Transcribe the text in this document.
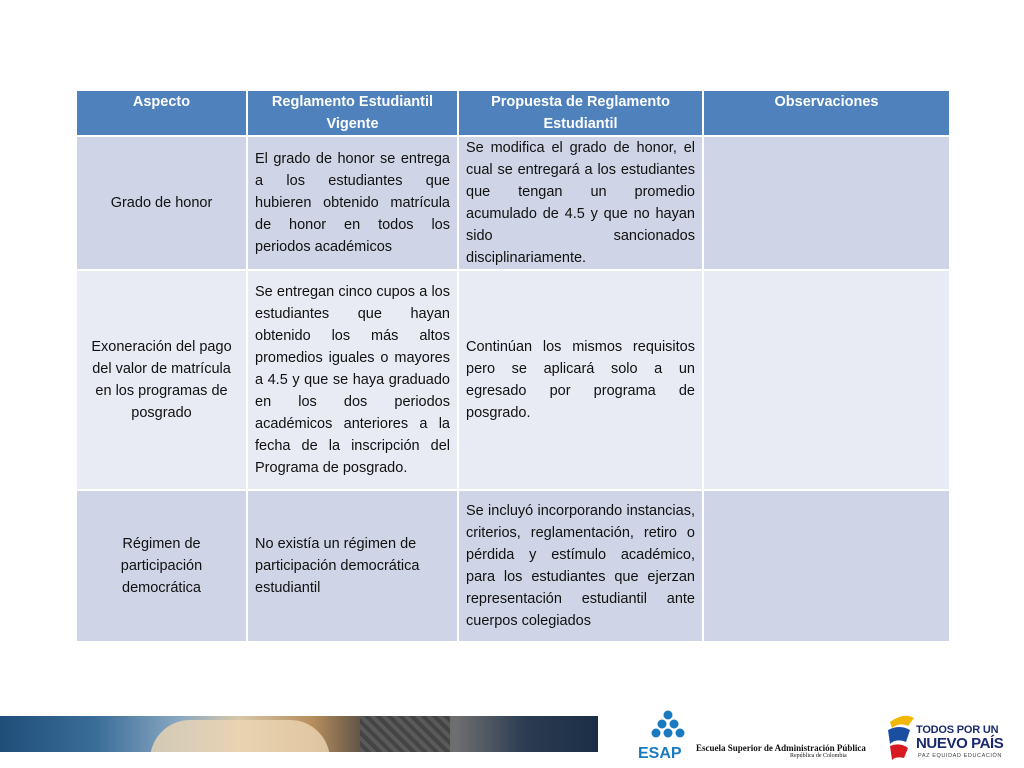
Aspecto	Reglamento Estudiantil Vigente	Propuesta de Reglamento Estudiantil	Observaciones
Grado de honor	El grado de honor se entrega a los estudiantes que hubieren obtenido matrícula de honor en todos los periodos académicos	Se modifica el grado de honor, el cual se entregará a los estudiantes que tengan un promedio acumulado de 4.5 y que no hayan sido sancionados disciplinariamente.	
Exoneración del pago del valor de matrícula en los programas de posgrado	Se entregan cinco cupos a los estudiantes que hayan obtenido los más altos promedios iguales o mayores a 4.5 y que se haya graduado en los dos periodos académicos anteriores a la fecha de la inscripción del Programa de posgrado.	Continúan los mismos requisitos pero se aplicará solo a un egresado por programa de posgrado.	
Régimen de participación democrática	No existía un régimen de participación democrática estudiantil	Se incluyó incorporando instancias, criterios, reglamentación, retiro o pérdida y estímulo académico, para los estudiantes que ejerzan representación estudiantil ante cuerpos colegiados	
ESAP Escuela Superior de Administración Pública
República de Colombia
TODOS POR UN
NUEVO PAÍS
PAZ EQUIDAD EDUCACIÓN
